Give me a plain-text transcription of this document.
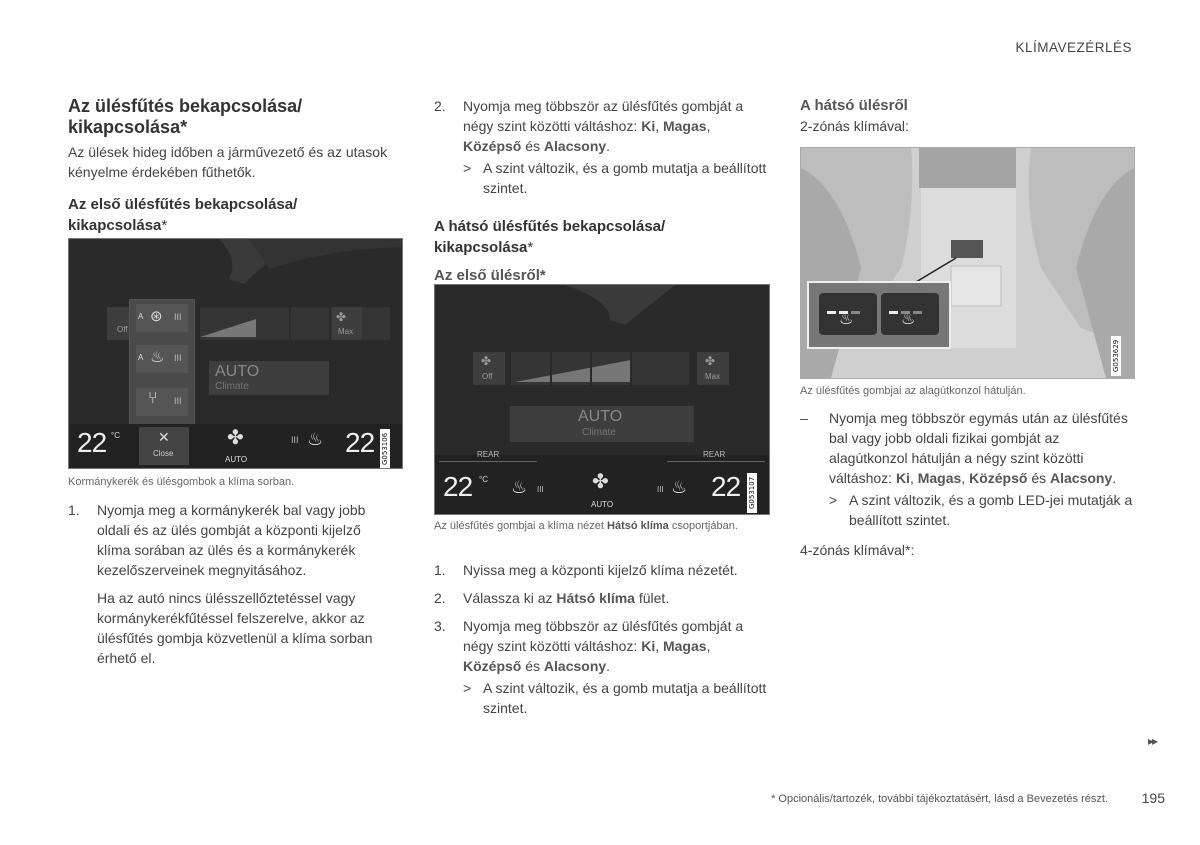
KLÍMAVEZÉRLÉS
Az ülésfűtés bekapcsolása/ kikapcsolása*

Az ülések hideg időben a járművezető és az utasok kényelme érdekében fűthetők.

Az első ülésfűtés bekapcsolása/ kikapcsolása*
Off
✤
Max
AUTO
Climate
A ⊛ III
A ♨ III
⑂ III
22 °C	✕
Close
✤
AUTO
III ♨ 22 G053106
Kormánykerék és ülésgombok a klíma sorban.
1. Nyomja meg a kormánykerék bal vagy jobb oldali és az ülés gombját a központi kijelző klíma sorában az ülés és a kormánykerék kezelőszerveinek megnyitásához.

Ha az autó nincs ülésszellőztetéssel vagy kormánykerékfűtéssel felszerelve, akkor az ülésfűtés gombja közvetlenül a klíma sorban érhető el.

2. Nyomja meg többször az ülésfűtés gombját a négy szint közötti váltáshoz: Ki, Magas, Középső és Alacsony.

> A szint változik, és a gomb mutatja a beállított szintet.

A hátsó ülésfűtés bekapcsolása/ kikapcsolása*
Az első ülésről*
✤
Off
✤
Max
AUTO
Climate
REAR	REAR
22 °C ♨ III ✤
AUTO
III ♨ 22 G053107
Az ülésfűtés gombjai a klíma nézet Hátsó klíma csoportjában.
1. Nyissa meg a központi kijelző klíma nézetét.

2. Válassza ki az Hátsó klíma fület.

3. Nyomja meg többször az ülésfűtés gombját a négy szint közötti váltáshoz: Ki, Magas, Középső és Alacsony.

> A szint változik, és a gomb mutatja a beállított szintet.

A hátsó ülésről

2-zónás klímával:

♨	♨
G053629
Az ülésfűtés gombjai az alagútkonzol hátulján.
– Nyomja meg többször egymás után az ülésfűtés bal vagy jobb oldali fizikai gombját az alagútkonzol hátulján a négy szint közötti váltáshoz: Ki, Magas, Középső és Alacsony.

> A szint változik, és a gomb LED-jei mutatják a beállított szintet.

4-zónás klímával*:

▸▸
* Opcionális/tartozék, további tájékoztatásért, lásd a Bevezetés részt. 195
